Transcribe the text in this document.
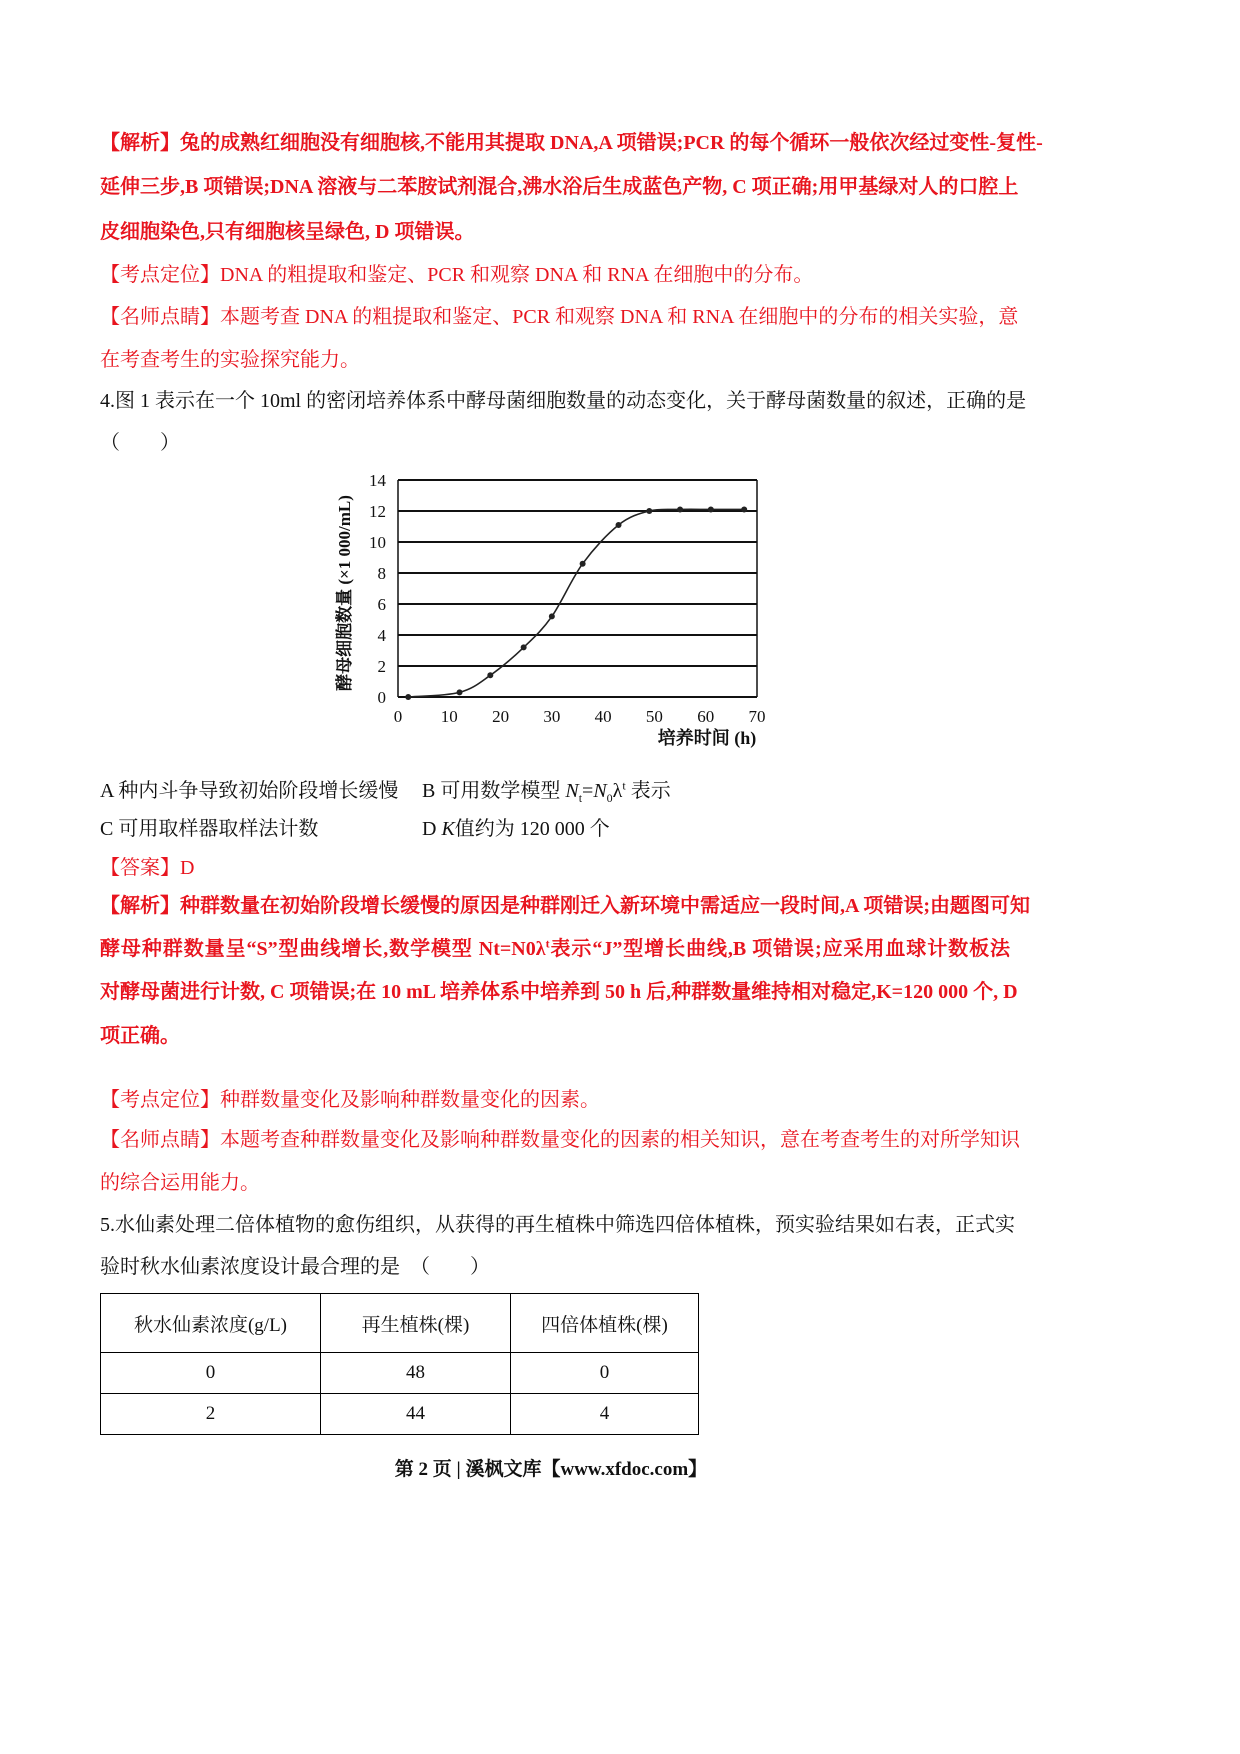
【解析】兔的成熟红细胞没有细胞核,不能用其提取 DNA,A 项错误;PCR 的每个循环一般依次经过变性-复性-
延伸三步,B 项错误;DNA 溶液与二苯胺试剂混合,沸水浴后生成蓝色产物, C 项正确;用甲基绿对人的口腔上
皮细胞染色,只有细胞核呈绿色, D 项错误。
【考点定位】DNA 的粗提取和鉴定、PCR 和观察 DNA 和 RNA 在细胞中的分布。
【名师点睛】本题考查 DNA 的粗提取和鉴定、PCR 和观察 DNA 和 RNA 在细胞中的分布的相关实验，意
在考查考生的实验探究能力。
4.图 1 表示在一个 10ml 的密闭培养体系中酵母菌细胞数量的动态变化，关于酵母菌数量的叙述，正确的是
（　　）
酵母细胞数量 (×1 000/mL)
培养时间 (h)
0
2
4
6
8
10
12
14
0 10 20 30 40 50 60 70
A 种内斗争导致初始阶段增长缓慢 B 可用数学模型 $N_t=N_0\lambda^t$ 表示
C 可用取样器取样法计数	D K值约为 120 000 个
【答案】D
【解析】种群数量在初始阶段增长缓慢的原因是种群刚迁入新环境中需适应一段时间,A 项错误;由题图可知
酵母种群数量呈“S”型曲线增长,数学模型 $Nt=N0\lambda^t$表示“J”型增长曲线,B 项错误;应采用血球计数板法
对酵母菌进行计数, C 项错误;在 10 mL 培养体系中培养到 50 h 后,种群数量维持相对稳定,K=120 000 个, D
项正确。
【考点定位】种群数量变化及影响种群数量变化的因素。
【名师点睛】本题考查种群数量变化及影响种群数量变化的因素的相关知识，意在考查考生的对所学知识
的综合运用能力。
5.水仙素处理二倍体植物的愈伤组织，从获得的再生植株中筛选四倍体植株，预实验结果如右表，正式实
验时秋水仙素浓度设计最合理的是　（　　）
秋水仙素浓度(g/L)	再生植株(棵)	四倍体植株(棵)
0	48	0
2	44	4
第 2 页 | 溪枫文库【www.xfdoc.com】
